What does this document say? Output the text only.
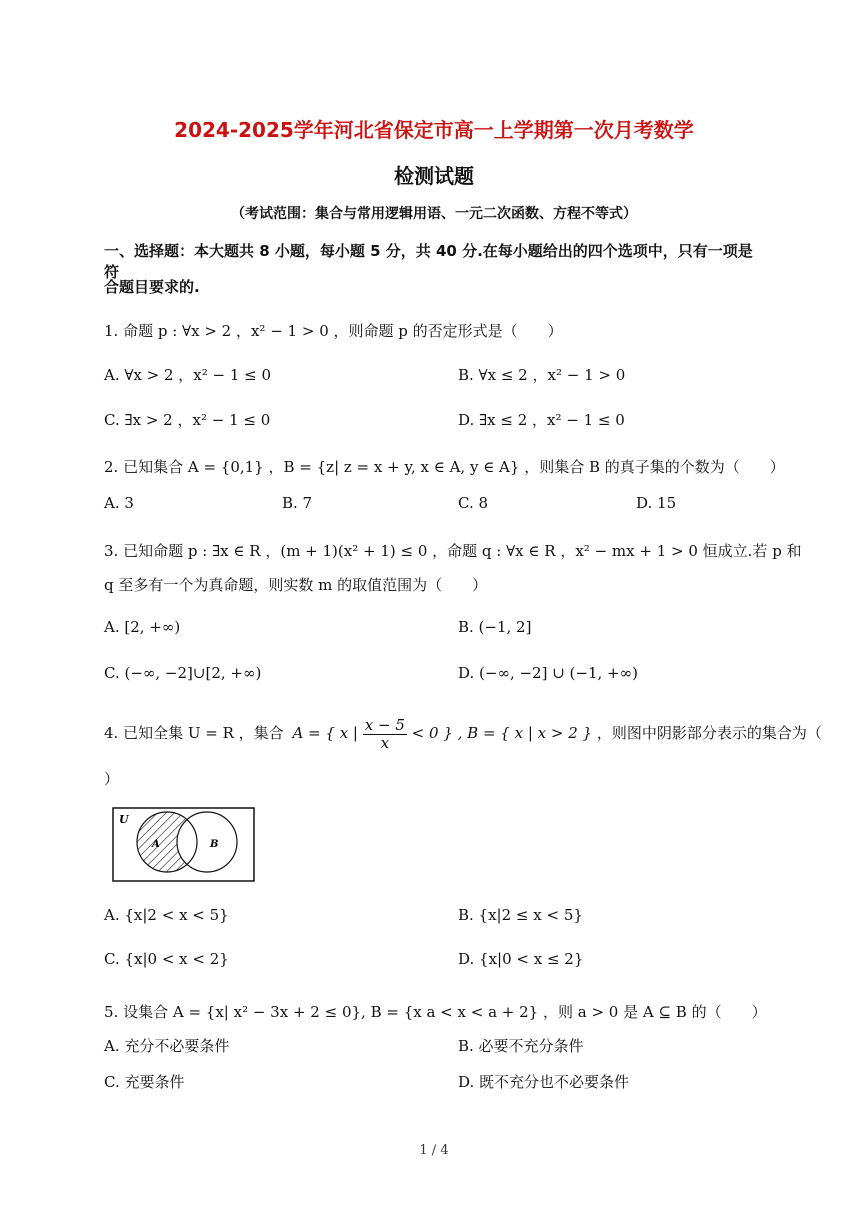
2024-2025学年河北省保定市高一上学期第一次月考数学
检测试题
（考试范围：集合与常用逻辑用语、一元二次函数、方程不等式）
一、选择题：本大题共 8 小题，每小题 5 分，共 40 分.在每小题给出的四个选项中，只有一项是符
合题目要求的.
1. 命题 p : ∀x > 2 ，x² − 1 > 0 ，则命题 p 的否定形式是（　　）
A. ∀x > 2 ，x² − 1 ≤ 0	B. ∀x ≤ 2 ，x² − 1 > 0
C. ∃x > 2 ，x² − 1 ≤ 0	D. ∃x ≤ 2 ，x² − 1 ≤ 0
2. 已知集合 A = {0,1} ，B = {z| z = x + y, x ∈ A, y ∈ A} ，则集合 B 的真子集的个数为（　　）
A. 3	B. 7	C. 8	D. 15
3. 已知命题 p : ∃x ∈ R ，(m + 1)(x² + 1) ≤ 0 ，命题 q : ∀x ∈ R ，x² − mx + 1 > 0 恒成立.若 p 和
q 至多有一个为真命题，则实数 m 的取值范围为（　　）
A. [2, +∞)	B. (−1, 2]
C. (−∞, −2]∪[2, +∞)	D. (−∞, −2] ∪ (−1, +∞)
4. 已知全集 U = R ，集合 A = { x | $\frac{x - 5}{x} < 0$ } , B = { x | x > 2 } ，则图中阴影部分表示的集合为（
）
U
A	B
A. {x|2 < x < 5}	B. {x|2 ≤ x < 5}
C. {x|0 < x < 2}	D. {x|0 < x ≤ 2}
5. 设集合 A = {x| x² − 3x + 2 ≤ 0}, B = {x a < x < a + 2} ，则 a > 0 是 A ⊆ B 的（　　）
A. 充分不必要条件	B. 必要不充分条件
C. 充要条件	D. 既不充分也不必要条件
1 / 4
